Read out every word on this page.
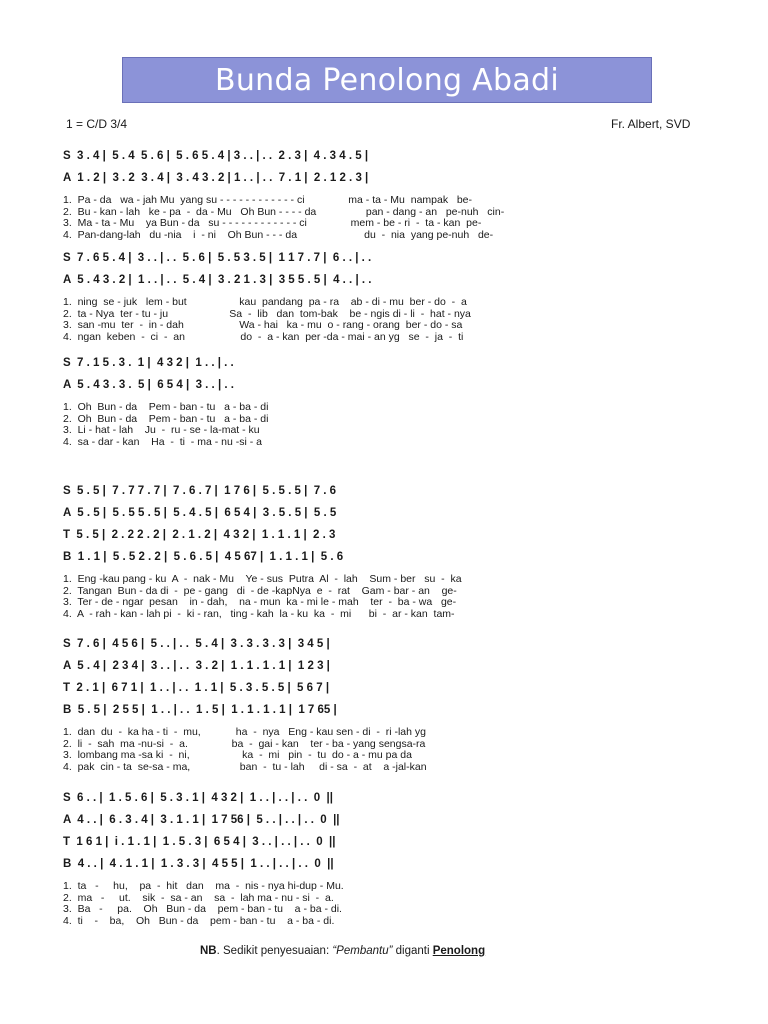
Bunda Penolong Abadi
1 = C/D 3/4	Fr. Albert, SVD
S  3 . 4 |  5 . 4  5 . 6 |  5 . 6 5 . 4 | 3 . . | . .  2 . 3 |  4 . 3 4 . 5 |
A  1 . 2 |  3 . 2  3 . 4 |  3 . 4 3 . 2 | 1 . . | . .  7 . 1 |  2 . 1 2 . 3 |
1.  Pa - da   wa - jah Mu  yang su - - - - - - - - - - - - ci               ma - ta - Mu  nampak   be-
2.  Bu - kan - lah   ke - pa  -  da - Mu   Oh Bun - - - - da                 pan - dang - an   pe-nuh   cin-
3.  Ma - ta - Mu    ya Bun - da   su - - - - - - - - - - - - ci               mem - be - ri  -  ta - kan  pe-
4.  Pan-dang-lah   du -nia    i  - ni    Oh Bun - - - da                       du  -  nia  yang pe-nuh   de-
S  7 . 6 5 . 4 |  3 . . | . .  5 . 6 |  5 . 5 3 . 5 |  1 1 7 . 7 |  6 . . | . .
A  5 . 4 3 . 2 |  1 . . | . .  5 . 4 |  3 . 2 1 . 3 |  3 5 5 . 5 |  4 . . | . .
1.  ning  se - juk   lem - but                  kau  pandang  pa - ra    ab - di - mu  ber - do  -  a
2.  ta - Nya  ter - tu - ju                     Sa  -  lib   dan  tom-bak    be - ngis di - li  -  hat - nya
3.  san -mu  ter  -  in - dah                   Wa - hai   ka - mu  o - rang - orang  ber - do - sa
4.  ngan  keben  -  ci  -  an                   do  -  a - kan  per -da - mai - an yg   se  -  ja  -  ti
S  7 . 1 5 . 3 .  1 |  4 3 2 |  1 . . | . .
A  5 . 4 3 . 3 .  5 |  6 5 4 |  3 . . | . .
1.  Oh  Bun - da    Pem - ban - tu   a - ba - di
2.  Oh  Bun - da    Pem - ban - tu   a - ba - di
3.  Li - hat - lah    Ju  -  ru - se - la-mat - ku
4.  sa - dar - kan    Ha  -  ti  - ma - nu -si - a
S  5 . 5 |  7 . 7 7 . 7 |  7 . 6 . 7 |  1 7 6 |  5 . 5 . 5 |  7 . 6
A  5 . 5 |  5 . 5 5 . 5 |  5 . 4 . 5 |  6 5 4 |  3 . 5 . 5 |  5 . 5
T  5 . 5 |  2 . 2 2 . 2 |  2 . 1 . 2 |  4 3 2 |  1 . 1 . 1 |  2 . 3
B  1 . 1 |  5 . 5 2 . 2 |  5 . 6 . 5 |  4 5 67 |  1 . 1 . 1 |  5 . 6
1.  Eng -kau pang - ku  A  -  nak - Mu    Ye - sus  Putra  Al  -  lah    Sum - ber   su  -  ka
2.  Tangan  Bun - da di  -  pe - gang   di  - de -kapNya  e  -  rat    Gam - bar - an    ge-
3.  Ter - de - ngar  pesan    in - dah,    na - mun  ka - mi le - mah    ter  -  ba - wa   ge-
4.  A  - rah - kan - lah pi  -  ki - ran,   ting - kah  la - ku  ka  -  mi      bi  -  ar - kan  tam-
S  7 . 6 |  4 5 6 |  5 . . | . .  5 . 4 |  3 . 3 . 3 . 3 |  3 4 5 |
A  5 . 4 |  2 3 4 |  3 . . | . .  3 . 2 |  1 . 1 . 1 . 1 |  1 2 3 |
T  2 . 1 |  6 7 1 |  1 . . | . .  1 . 1 |  5 . 3 . 5 . 5 |  5 6 7 |
B  5 . 5 |  2 5 5 |  1 . . | . .  1 . 5 |  1 . 1 . 1 . 1 |  1 7 65 |
1.  dan  du  -  ka ha - ti  -  mu,            ha  -  nya   Eng - kau sen - di  -  ri -lah yg
2.  li  -  sah  ma -nu-si  -  a.               ba  -  gai - kan    ter - ba - yang sengsa-ra
3.  lombang ma -sa ki  -  ni,                  ka  -  mi   pin  -  tu  do - a - mu pa da
4.  pak  cin - ta  se-sa - ma,                 ban  -  tu - lah     di - sa  -  at    a -jal-kan
S  6 . . |  1 . 5 . 6 |  5 . 3 . 1 |  4 3 2 |  1 . . | . . | . .  0  ||
A  4 . . |  6 . 3 . 4 |  3 . 1 . 1 |  1 7 56 |  5 . . | . . | . .  0  ||
T  1 6 1 |  i . 1 . 1 |  1 . 5 . 3 |  6 5 4 |  3 . . | . . | . .  0  ||
B  4 . . |  4 . 1 . 1 |  1 . 3 . 3 |  4 5 5 |  1 . . | . . | . .  0  ||
1.  ta   -     hu,    pa  -  hit   dan    ma  -  nis - nya hi-dup - Mu.
2.  ma   -     ut.    sik  -  sa - an    sa  -  lah ma - nu - si  -  a.
3.  Ba   -     pa.    Oh   Bun - da    pem - ban - tu    a - ba - di.
4.  ti    -    ba,    Oh   Bun - da    pem - ban - tu    a - ba - di.
NB. Sedikit penyesuaian: “Pembantu” diganti Penolong
